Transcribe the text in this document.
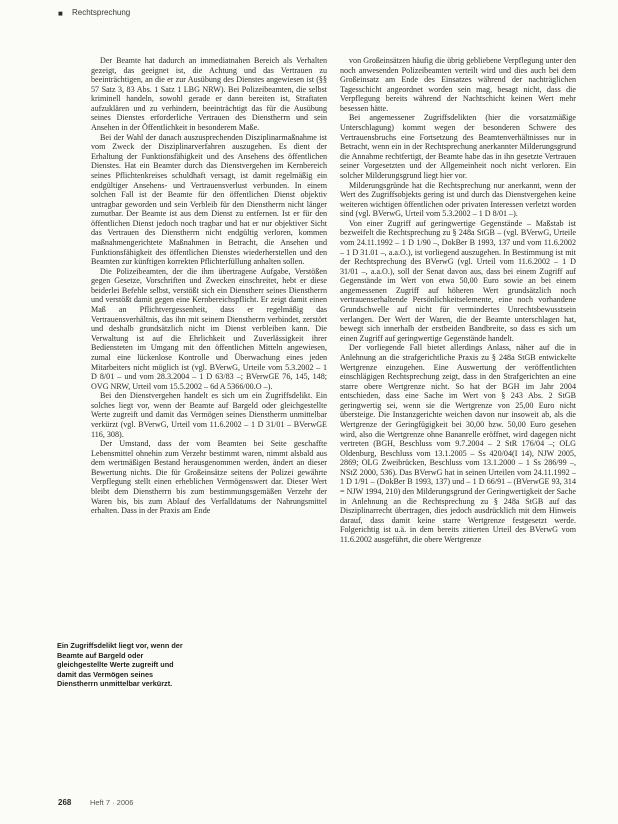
■ Rechtsprechung

Der Beamte hat dadurch an immediatnahen Bereich als Verhalten gezeigt, das geeignet ist, die Achtung und das Vertrauen zu beeinträchtigen, an die er zur Ausübung des Dienstes angewiesen ist (§§ 57 Satz 3, 83 Abs. 1 Satz 1 LBG NRW). Bei Polizeibeamten, die selbst kriminell handeln, sowohl gerade er dann bereiten ist, Straftaten aufzuklären und zu verhindern, beeinträchtigt das für die Ausübung seines Dienstes erforderliche Vertrauen des Dienstherrn und sein Ansehen in der Öffentlichkeit in besonderem Maße.

Bei der Wahl der danach auszusprechenden Disziplinarmaßnahme ist vom Zweck der Disziplinarverfahren auszugehen. Es dient der Erhaltung der Funktionsfähigkeit und des Ansehens des öffentlichen Dienstes. Hat ein Beamter durch das Dienstvergehen im Kernbereich seines Pflichtenkreises schuldhaft versagt, ist damit regelmäßig ein endgültiger Ansehens- und Vertrauensverlust verbunden. In einem solchen Fall ist der Beamte für den öffentlichen Dienst objektiv untragbar geworden und sein Verbleib für den Dienstherrn nicht länger zumutbar. Der Beamte ist aus dem Dienst zu entfernen. Ist er für den öffentlichen Dienst jedoch noch tragbar und hat er nur objektiver Sicht das Vertrauen des Dienstherrn nicht endgültig verloren, kommen maßnahmengerichtete Maßnahmen in Betracht, die Ansehen und Funktionsfähigkeit des öffentlichen Dienstes wiederherstellen und den Beamten zur künftigen korrekten Pflichterfüllung anhalten sollen.

Die Polizeibeamten, der die ihm übertragene Aufgabe, Verstößen gegen Gesetze, Vorschriften und Zwecken einschreitet, hebt er diese beiderlei Befehle selbst, verstößt sich ein Dienstherr seines Dienstherrn und verstößt damit gegen eine Kernbereichspflicht. Er zeigt damit einen Maß an Pflichtvergessenheit, dass er regelmäßig das Vertrauensverhältnis, das ihn mit seinem Dienstherrn verbindet, zerstört und deshalb grundsätzlich nicht im Dienst verbleiben kann. Die Verwaltung ist auf die Ehrlichkeit und Zuverlässigkeit ihrer Bediensteten im Umgang mit den öffentlichen Mitteln angewiesen, zumal eine lückenlose Kontrolle und Überwachung eines jeden Mitarbeiters nicht möglich ist (vgl. BVerwG, Urteile vom 5.3.2002 – 1 D 8/01 – und vom 28.3.2004 – 1 D 63/83 –; BVerwGE 76, 145, 148; OVG NRW, Urteil vom 15.5.2002 – 6d A 5366/00.O –).

Bei den Dienstvergehen handelt es sich um ein Zugriffsdelikt. Ein solches liegt vor, wenn der Beamte auf Bargeld oder gleichgestellte Werte zugreift und damit das Vermögen seines Dienstherrn unmittelbar verkürzt (vgl. BVerwG, Urteil vom 11.6.2002 – 1 D 31/01 – BVerwGE 116, 308).

Der Umstand, dass der vom Beamten bei Seite geschaffte Lebensmittel ohnehin zum Verzehr bestimmt waren, nimmt alsbald aus dem wertmäßigen Bestand herausgenommen werden, ändert an dieser Bewertung nichts. Die für Großeinsätze seitens der Polizei gewährte Verpflegung stellt einen erheblichen Vermögenswert dar. Dieser Wert bleibt dem Dienstherrn bis zum bestimmungsgemäßen Verzehr der Waren bis, bis zum Ablauf des Verfalldatums der Nahrungsmittel erhalten. Dass in der Praxis am Ende

von Großeinsätzen häufig die übrig gebliebene Verpflegung unter den noch anwesenden Polizeibeamten verteilt wird und dies auch bei dem Großeinsatz am Ende des Einsatzes während der nachträglichen Tagesschicht angeordnet worden sein mag, besagt nicht, dass die Verpflegung bereits während der Nachtschicht keinen Wert mehr besessen hätte.

Bei angemessener Zugriffsdelikten (hier die vorsatzmäßige Unterschlagung) kommt wegen der besonderen Schwere des Vertrauensbruchs eine Fortsetzung des Beamtenverhältnisses nur in Betracht, wenn ein in der Rechtsprechung anerkannter Milderungsgrund die Annahme rechtfertigt, der Beamte habe das in ihn gesetzte Vertrauen seiner Vorgesetzten und der Allgemeinheit noch nicht verloren. Ein solcher Milderungsgrund liegt hier vor.

Milderungsgründe hat die Rechtsprechung nur anerkannt, wenn der Wert des Zugriffsobjekts gering ist und durch das Dienstvergehen keine weiteren wichtigen öffentlichen oder privaten Interessen verletzt worden sind (vgl. BVerwG, Urteil vom 5.3.2002 – 1 D 8/01 –).

Von einer Zugriff auf geringwertige Gegenstände – Maßstab ist bezweifelt die Rechtsprechung zu § 248a StGB – (vgl. BVerwG, Urteile vom 24.11.1992 – 1 D 1/90 –, DokBer B 1993, 137 und vom 11.6.2002 – 1 D 31.01 –, a.a.O.), ist vorliegend auszugehen. In Bestimmung ist mit der Rechtsprechung des BVerwG (vgl. Urteil vom 11.6.2002 – 1 D 31/01 –, a.a.O.), soll der Senat davon aus, dass bei einem Zugriff auf Gegenstände im Wert von etwa 50,00 Euro sowie an bei einem angemessenen Zugriff auf höheren Wert grundsätzlich noch vertrauenserhaltende Persönlichkeitselemente, eine noch vorhandene Grundschwelle auf nicht für vermindertes Unrechtsbewusstsein verlangen. Der Wert der Waren, die der Beamte unterschlagen hat, bewegt sich innerhalb der erstbeiden Bandbreite, so dass es sich um einen Zugriff auf geringwertige Gegenstände handelt.

Der vorliegende Fall bietet allerdings Anlass, näher auf die in Anlehnung an die strafgerichtliche Praxis zu § 248a StGB entwickelte Wertgrenze einzugehen. Eine Auswertung der veröffentlichten einschlägigen Rechtsprechung zeigt, dass in den Strafgerichten an eine starre obere Wertgrenze nicht. So hat der BGH im Jahr 2004 entschieden, dass eine Sache im Wert von § 243 Abs. 2 StGB geringwertig sei, wenn sie die Wertgrenze von 25,00 Euro nicht übersteige. Die Instanzgerichte weichen davon nur insoweit ab, als die Wertgrenze der Geringfügigkeit bei 30,00 bzw. 50,00 Euro gesehen wird, also die Wertgrenze ohne Bananrelle eröffnet, wird dagegen nicht vertreten (BGH, Beschluss vom 9.7.2004 – 2 StR 176/04 –; OLG Oldenburg, Beschluss vom 13.1.2005 – Ss 420/04(I 14), NJW 2005, 2869; OLG Zweibrücken, Beschluss vom 13.1.2000 – 1 Ss 286/99 –, NStZ 2000, 536). Das BVerwG hat in seinen Urteilen vom 24.11.1992 – 1 D 1/91 – (DokBer B 1993, 137) und – 1 D 66/91 – (BVerwGE 93, 314 = NJW 1994, 210) den Milderungsgrund der Geringwertigkeit der Sache in Anlehnung an die Rechtsprechung zu § 248a StGB auf das Disziplinarrecht übertragen, dies jedoch ausdrücklich mit dem Hinweis darauf, dass damit keine starre Wertgrenze festgesetzt werde. Folgerichtig ist u.ä. in dem bereits zitierten Urteil des BVerwG vom 11.6.2002 ausgeführt, die obere Wertgrenze

Ein Zugriffsdelikt liegt vor, wenn der Beamte auf Bargeld oder gleichgestellte Werte zugreift und damit das Vermögen seines Dienstherrn unmittelbar verkürzt.
268 Heft 7 · 2006
